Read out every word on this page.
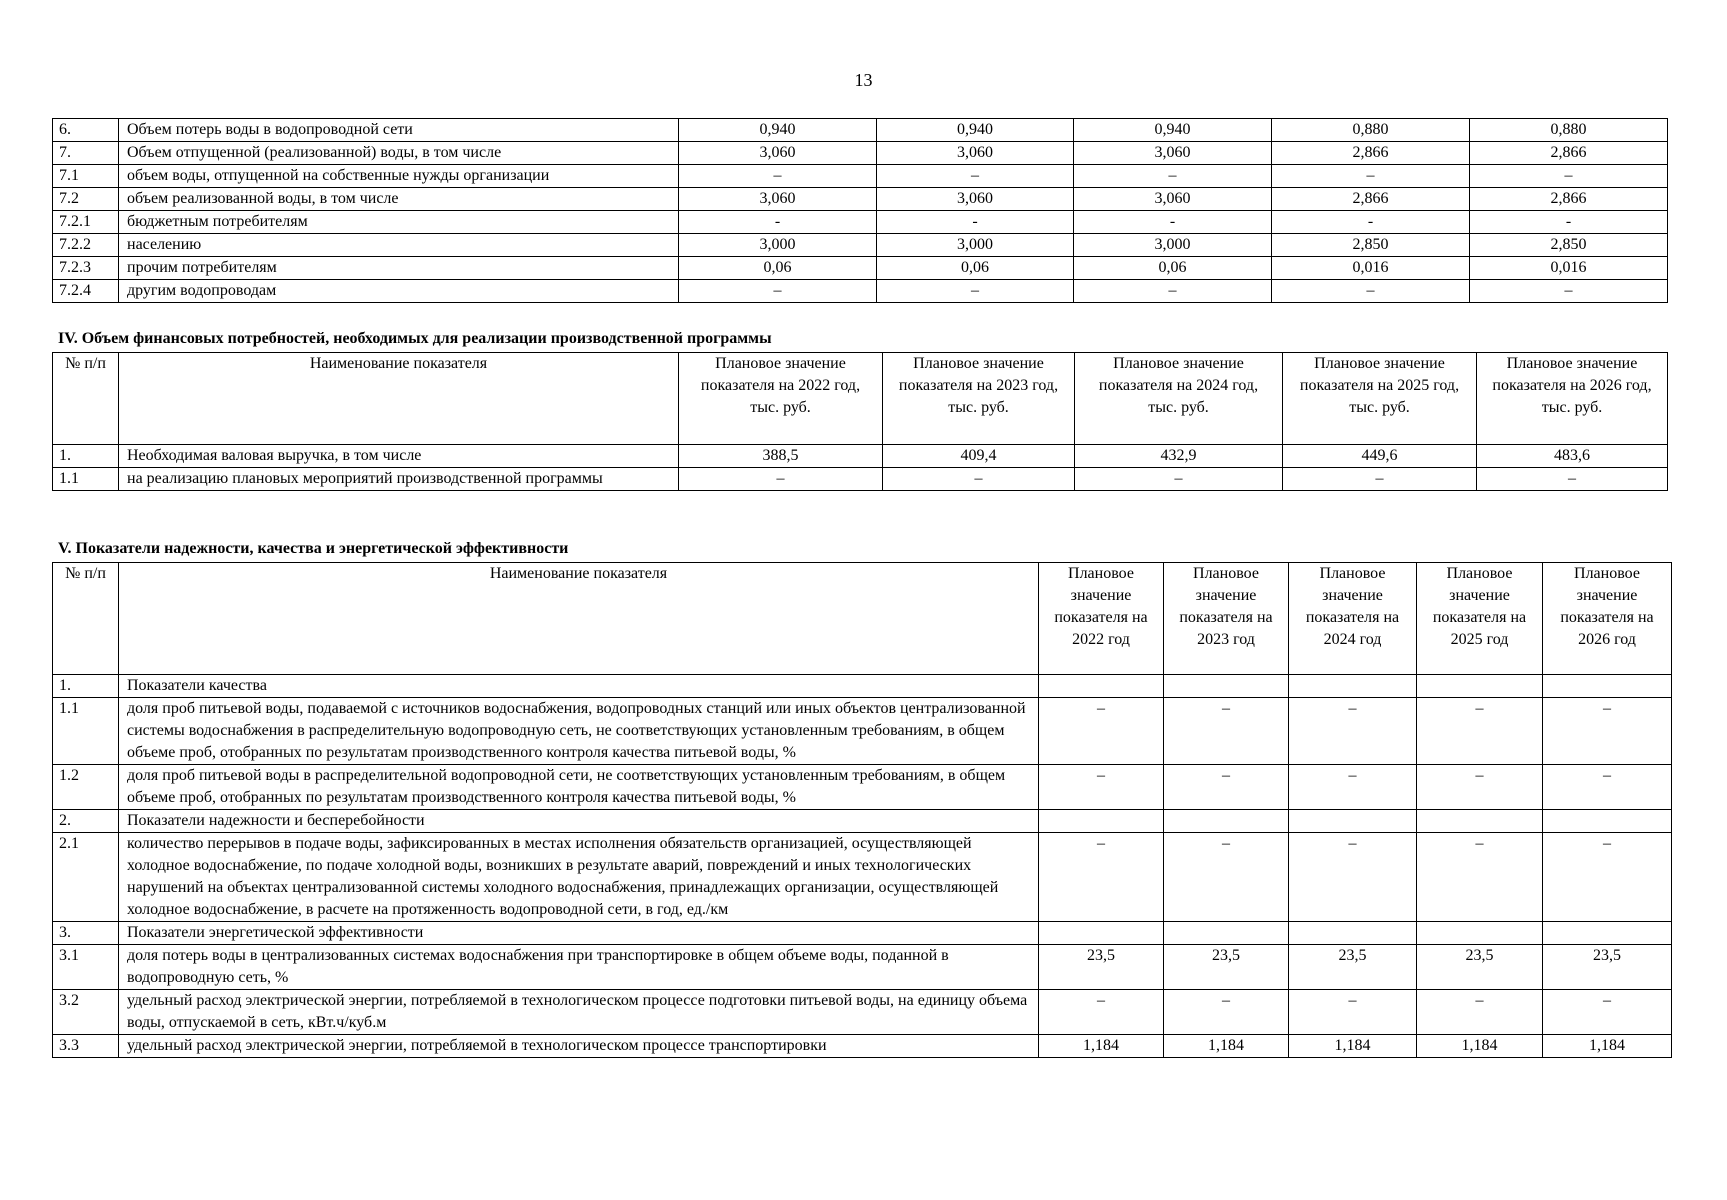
13
6.	Объем потерь воды в водопроводной сети	0,940	0,940	0,940	0,880	0,880
7.	Объем отпущенной (реализованной) воды, в том числе	3,060	3,060	3,060	2,866	2,866
7.1	объем воды, отпущенной на собственные нужды организации	–	–	–	–	–
7.2	объем реализованной воды, в том числе	3,060	3,060	3,060	2,866	2,866
7.2.1	бюджетным потребителям	-	-	-	-	-
7.2.2	населению	3,000	3,000	3,000	2,850	2,850
7.2.3	прочим потребителям	0,06	0,06	0,06	0,016	0,016
7.2.4	другим водопроводам	–	–	–	–	–
IV. Объем финансовых потребностей, необходимых для реализации производственной программы
№ п/п	Наименование показателя	Плановое значение показателя на 2022 год, тыс. руб.	Плановое значение показателя на 2023 год, тыс. руб.	Плановое значение показателя на 2024 год, тыс. руб.	Плановое значение показателя на 2025 год, тыс. руб.	Плановое значение показателя на 2026 год, тыс. руб.
1.	Необходимая валовая выручка, в том числе	388,5	409,4	432,9	449,6	483,6
1.1	на реализацию плановых мероприятий производственной программы	–	–	–	–	–
V. Показатели надежности, качества и энергетической эффективности
№ п/п	Наименование показателя	Плановое значение показателя на 2022 год	Плановое значение показателя на 2023 год	Плановое значение показателя на 2024 год	Плановое значение показателя на 2025 год	Плановое значение показателя на 2026 год
1.	Показатели качества					
1.1	доля проб питьевой воды, подаваемой с источников водоснабжения, водопроводных станций или иных объектов централизованной системы водоснабжения в распределительную водопроводную сеть, не соответствующих установленным требованиям, в общем объеме проб, отобранных по результатам производственного контроля качества питьевой воды, %	–	–	–	–	–
1.2	доля проб питьевой воды в распределительной водопроводной сети, не соответствующих установленным требованиям, в общем объеме проб, отобранных по результатам производственного контроля качества питьевой воды, %	–	–	–	–	–
2.	Показатели надежности и бесперебойности					
2.1	количество перерывов в подаче воды, зафиксированных в местах исполнения обязательств организацией, осуществляющей холодное водоснабжение, по подаче холодной воды, возникших в результате аварий, повреждений и иных технологических нарушений на объектах централизованной системы холодного водоснабжения, принадлежащих организации, осуществляющей холодное водоснабжение, в расчете на протяженность водопроводной сети, в год, ед./км	–	–	–	–	–
3.	Показатели энергетической эффективности					
3.1	доля потерь воды в централизованных системах водоснабжения при транспортировке в общем объеме воды, поданной в водопроводную сеть, %	23,5	23,5	23,5	23,5	23,5
3.2	удельный расход электрической энергии, потребляемой в технологическом процессе подготовки питьевой воды, на единицу объема воды, отпускаемой в сеть, кВт.ч/куб.м	–	–	–	–	–
3.3	удельный расход электрической энергии, потребляемой в технологическом процессе транспортировки	1,184	1,184	1,184	1,184	1,184
